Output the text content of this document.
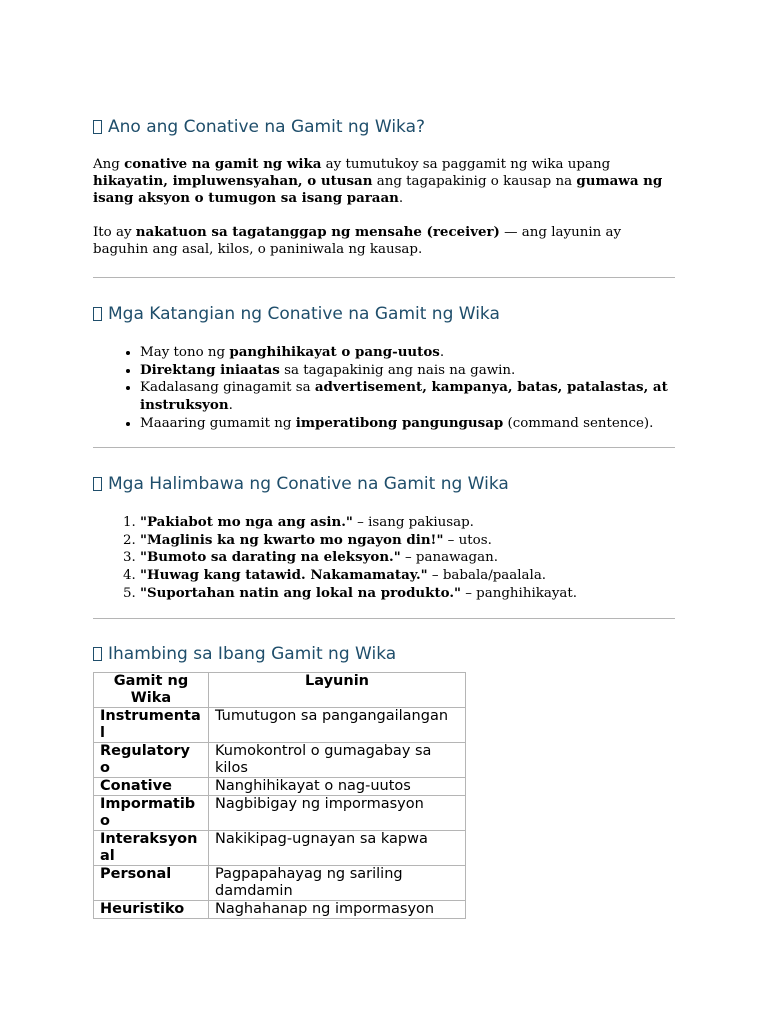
Ano ang Conative na Gamit ng Wika?

Ang conative na gamit ng wika ay tumutukoy sa paggamit ng wika upang hikayatin, impluwensyahan, o utusan ang tagapakinig o kausap na gumawa ng isang aksyon o tumugon sa isang paraan.

Ito ay nakatuon sa tagatanggap ng mensahe (receiver) — ang layunin ay baguhin ang asal, kilos, o paniniwala ng kausap.

Mga Katangian ng Conative na Gamit ng Wika
• May tono ng panghihikayat o pang-uutos.
• Direktang iniaatas sa tagapakinig ang nais na gawin.
• Kadalasang ginagamit sa advertisement, kampanya, batas, patalastas, at instruksyon.
• Maaaring gumamit ng imperatibong pangungusap (command sentence).
Mga Halimbawa ng Conative na Gamit ng Wika
1. "Pakiabot mo nga ang asin." – isang pakiusap.
2. "Maglinis ka ng kwarto mo ngayon din!" – utos.
3. "Bumoto sa darating na eleksyon." – panawagan.
4. "Huwag kang tatawid. Nakamamatay." – babala/paalala.
5. "Suportahan natin ang lokal na produkto." – panghihikayat.
Ihambing sa Ibang Gamit ng Wika
Gamit ng Wika	Layunin
Instrumental	Tumutugon sa pangangailangan
Regulatory o	Kumokontrol o gumagabay sa kilos
Conative	Nanghihikayat o nag-uutos
Impormatibo	Nagbibigay ng impormasyon
Interaksyonal	Nakikipag-ugnayan sa kapwa
Personal	Pagpapahayag ng sariling damdamin
Heuristiko	Naghahanap ng impormasyon
